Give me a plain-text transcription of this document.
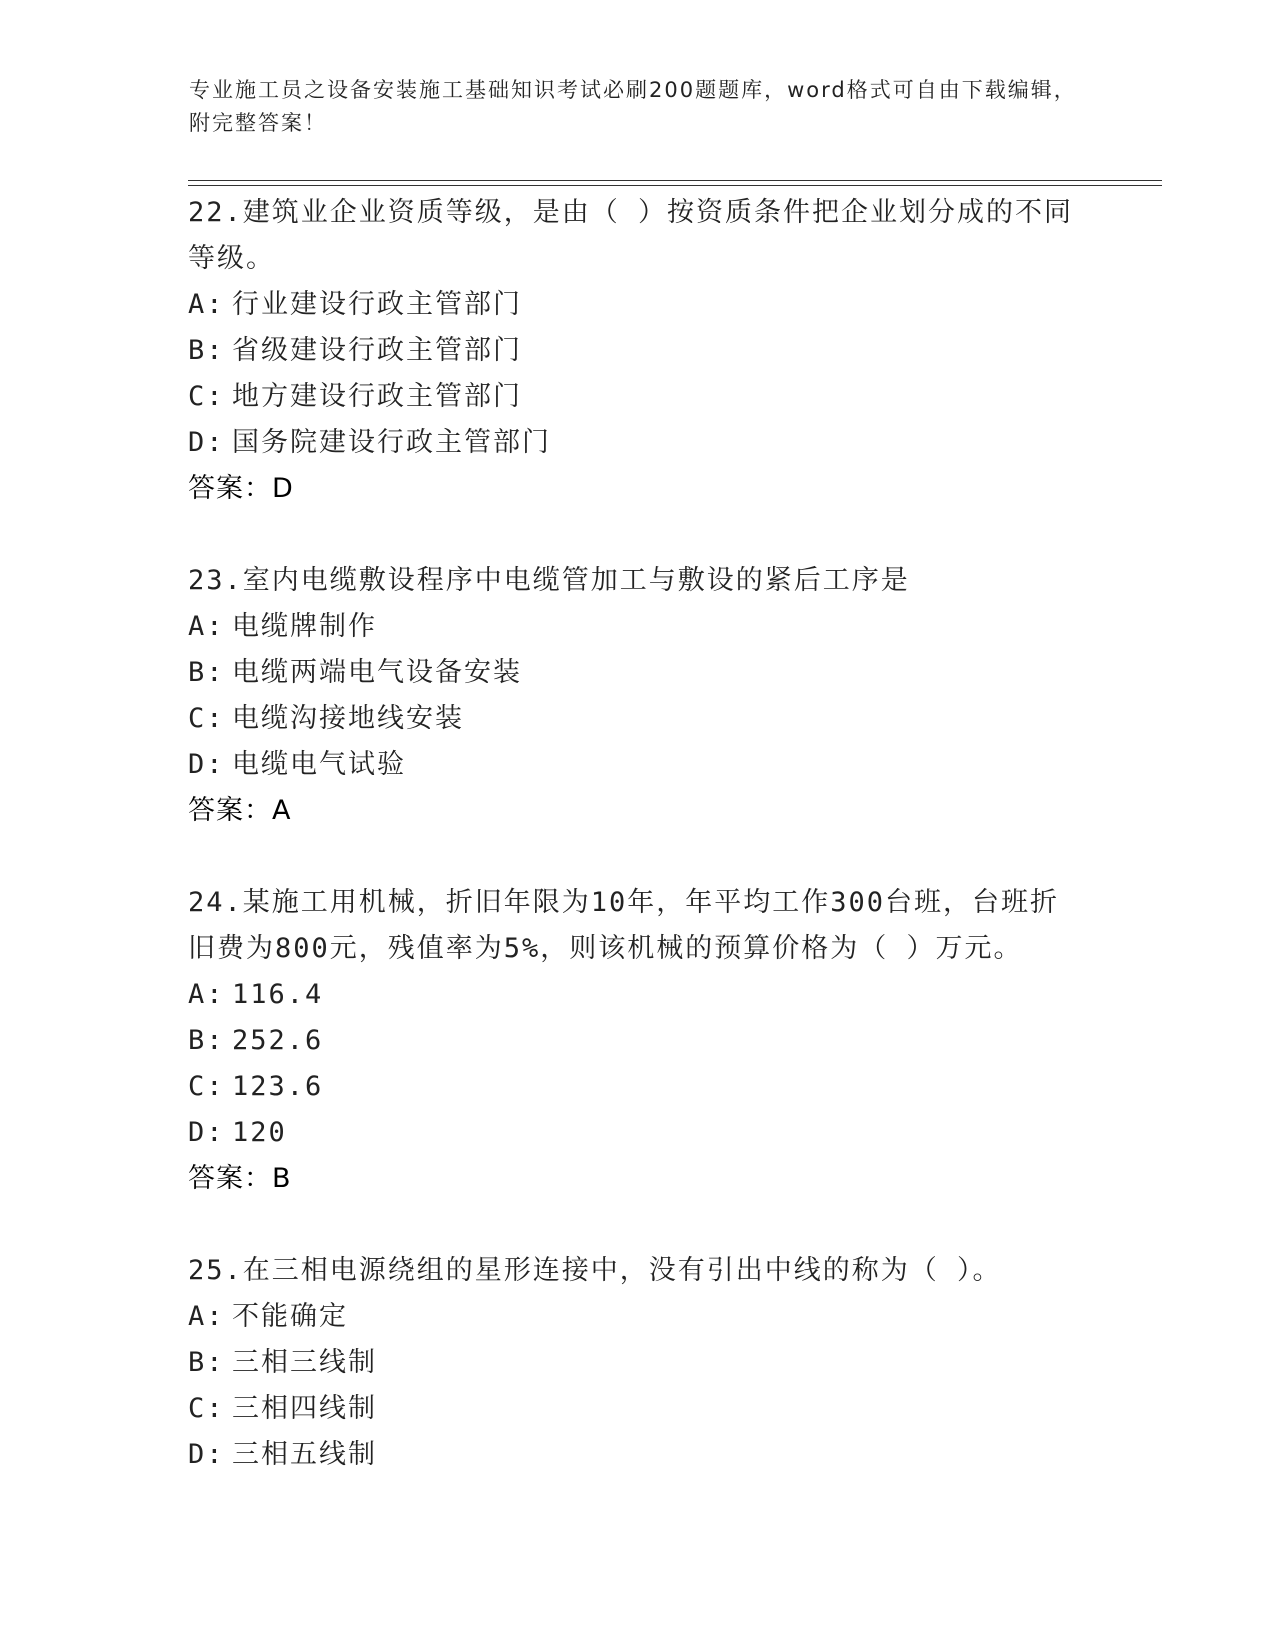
专业施工员之设备安装施工基础知识考试必刷200题题库，word格式可自由下载编辑，附完整答案！
22.建筑业企业资质等级，是由（ ）按资质条件把企业划分成的不同等级。
A: 行业建设行政主管部门
B: 省级建设行政主管部门
C: 地方建设行政主管部门
D: 国务院建设行政主管部门
答案：D
23.室内电缆敷设程序中电缆管加工与敷设的紧后工序是
A: 电缆牌制作
B: 电缆两端电气设备安装
C: 电缆沟接地线安装
D: 电缆电气试验
答案：A
24.某施工用机械，折旧年限为10年，年平均工作300台班，台班折旧费为800元，残值率为5%，则该机械的预算价格为（ ）万元。
A: 116.4
B: 252.6
C: 123.6
D: 120
答案：B
25.在三相电源绕组的星形连接中，没有引出中线的称为（ ）。
A: 不能确定
B: 三相三线制
C: 三相四线制
D: 三相五线制
